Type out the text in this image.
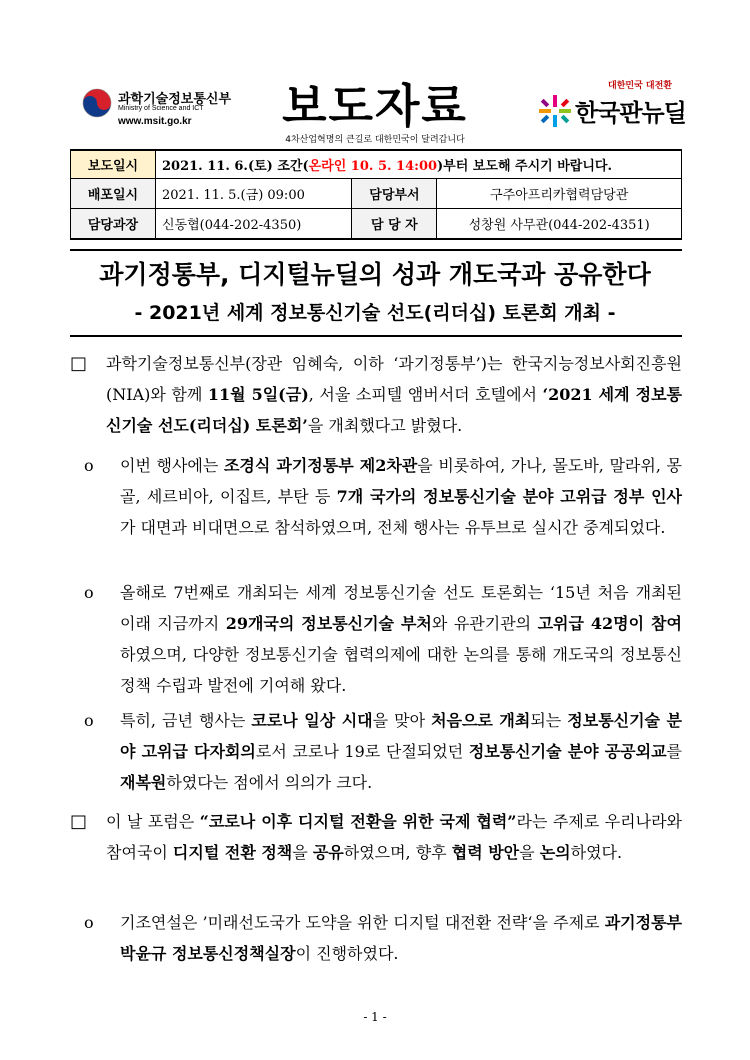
과학기술정보통신부
Ministry of Science and ICT
www.msit.go.kr	보도자료
4차산업혁명의 큰길로 대한민국이 달려갑니다
대한민국 대전환
한국판뉴딜
보도일시	2021. 11. 6.(토) 조간(온라인 10. 5. 14:00)부터 보도해 주시기 바랍니다.		
배포일시	2021. 11. 5.(금) 09:00	담당부서	구주아프리카협력담당관
담당과장	신동협(044-202-4350)	담 당 자	성창원 사무관(044-202-4351)
과기정통부, 디지털뉴딜의 성과 개도국과 공유한다
- 2021년 세계 정보통신기술 선도(리더십) 토론회 개최 -
□	과학기술정보통신부(장관 임혜숙, 이하 ‘과기정통부’)는 한국지능정보사회진흥원(NIA)와 함께 11월 5일(금), 서울 소피텔 앰버서더 호텔에서 ‘2021 세계 정보통신기술 선도(리더십) 토론회’을 개최했다고 밝혔다.

ο	이번 행사에는 조경식 과기정통부 제2차관을 비롯하여, 가나, 몰도바, 말라위, 몽골, 세르비아, 이집트, 부탄 등 7개 국가의 정보통신기술 분야 고위급 정부 인사가 대면과 비대면으로 참석하였으며, 전체 행사는 유투브로 실시간 중계되었다.

ο	올해로 7번째로 개최되는 세계 정보통신기술 선도 토론회는 ‘15년 처음 개최된 이래 지금까지 29개국의 정보통신기술 부처와 유관기관의 고위급 42명이 참여하였으며, 다양한 정보통신기술 협력의제에 대한 논의를 통해 개도국의 정보통신 정책 수립과 발전에 기여해 왔다.

ο	특히, 금년 행사는 코로나 일상 시대을 맞아 처음으로 개최되는 정보통신기술 분야 고위급 다자회의로서 코로나 19로 단절되었던 정보통신기술 분야 공공외교를 재복원하였다는 점에서 의의가 크다.

□	이 날 포럼은 “코로나 이후 디지털 전환을 위한 국제 협력”라는 주제로 우리나라와 참여국이 디지털 전환 정책을 공유하였으며, 향후 협력 방안을 논의하였다.

ο	기조연설은 ’미래선도국가 도약을 위한 디지털 대전환 전략‘을 주제로 과기정통부 박윤규 정보통신정책실장이 진행하였다.

- 1 -
